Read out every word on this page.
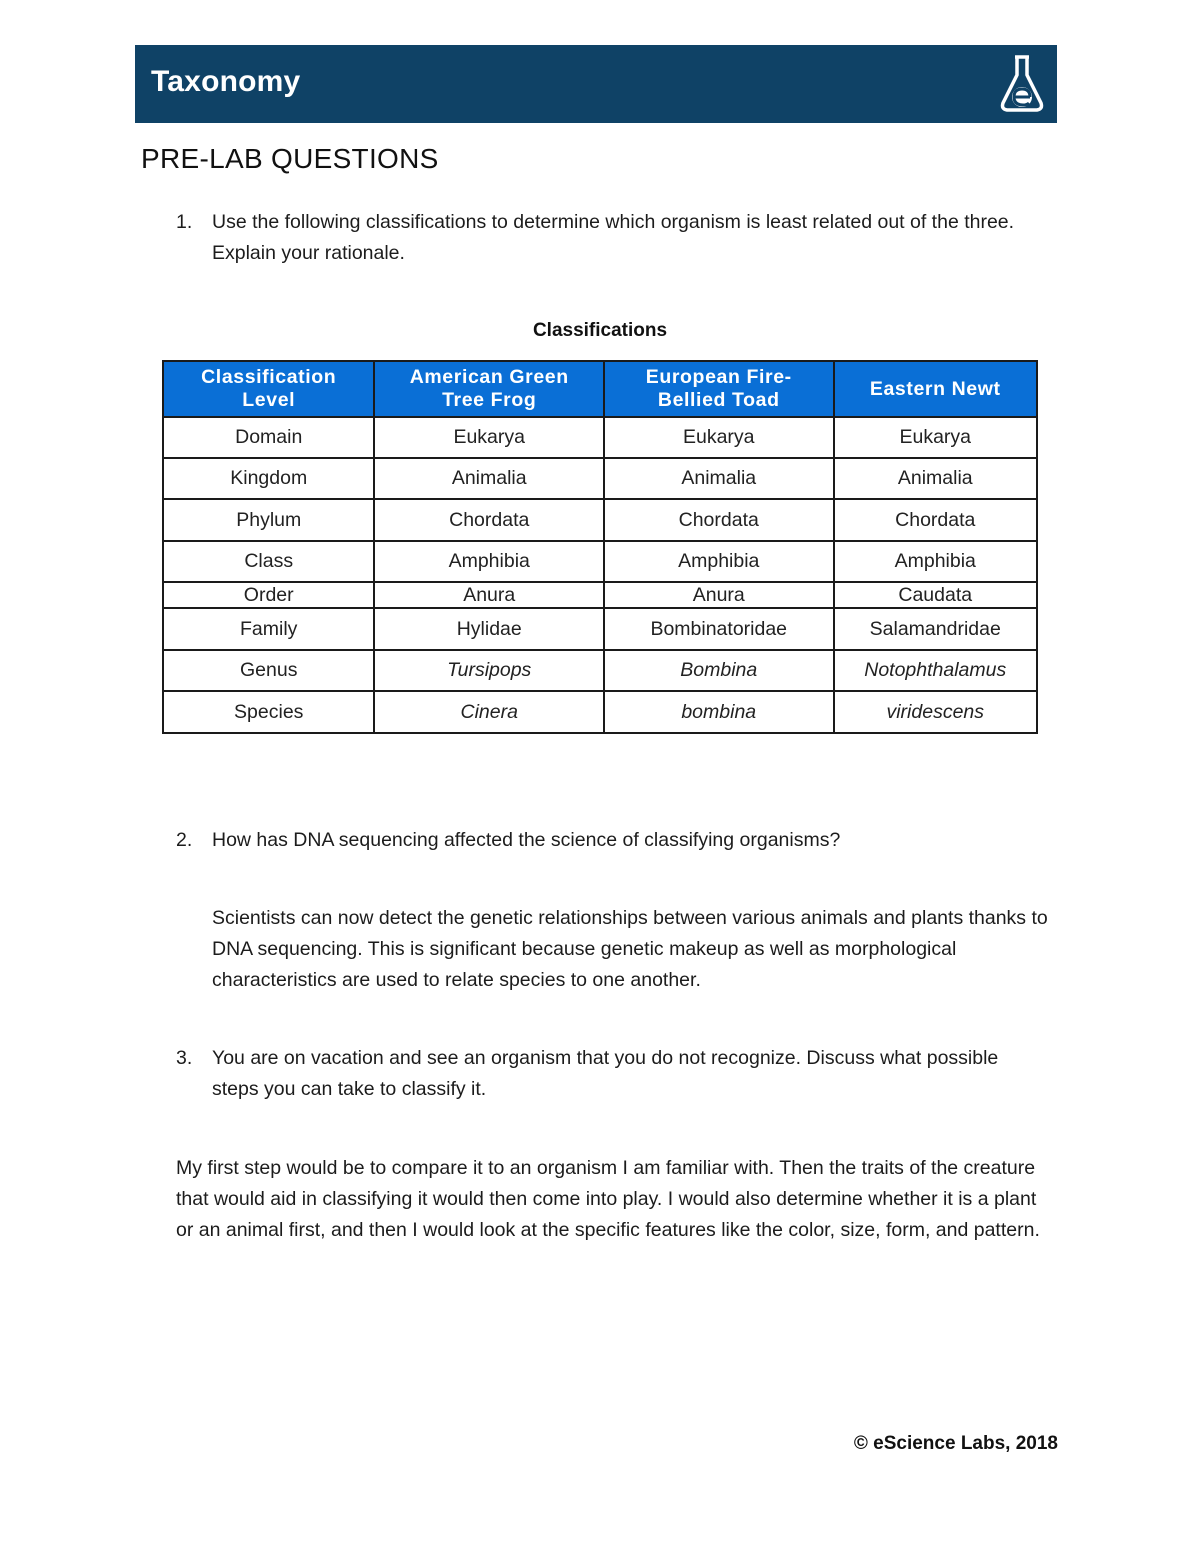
Taxonomy
PRE-LAB QUESTIONS
1.	Use the following classifications to determine which organism is least related out of the three. Explain your rationale.
Classifications
Classification Level	American Green Tree Frog	European Fire-Bellied Toad	Eastern Newt
Domain	Eukarya	Eukarya	Eukarya
Kingdom	Animalia	Animalia	Animalia
Phylum	Chordata	Chordata	Chordata
Class	Amphibia	Amphibia	Amphibia
Order	Anura	Anura	Caudata
Family	Hylidae	Bombinatoridae	Salamandridae
Genus	Tursipops	Bombina	Notophthalamus
Species	Cinera	bombina	viridescens
2.	How has DNA sequencing affected the science of classifying organisms?
Scientists can now detect the genetic relationships between various animals and plants thanks to DNA sequencing. This is significant because genetic makeup as well as morphological characteristics are used to relate species to one another.
3.	You are on vacation and see an organism that you do not recognize. Discuss what possible steps you can take to classify it.
My first step would be to compare it to an organism I am familiar with. Then the traits of the creature that would aid in classifying it would then come into play. I would also determine whether it is a plant or an animal first, and then I would look at the specific features like the color, size, form, and pattern.
© eScience Labs, 2018
